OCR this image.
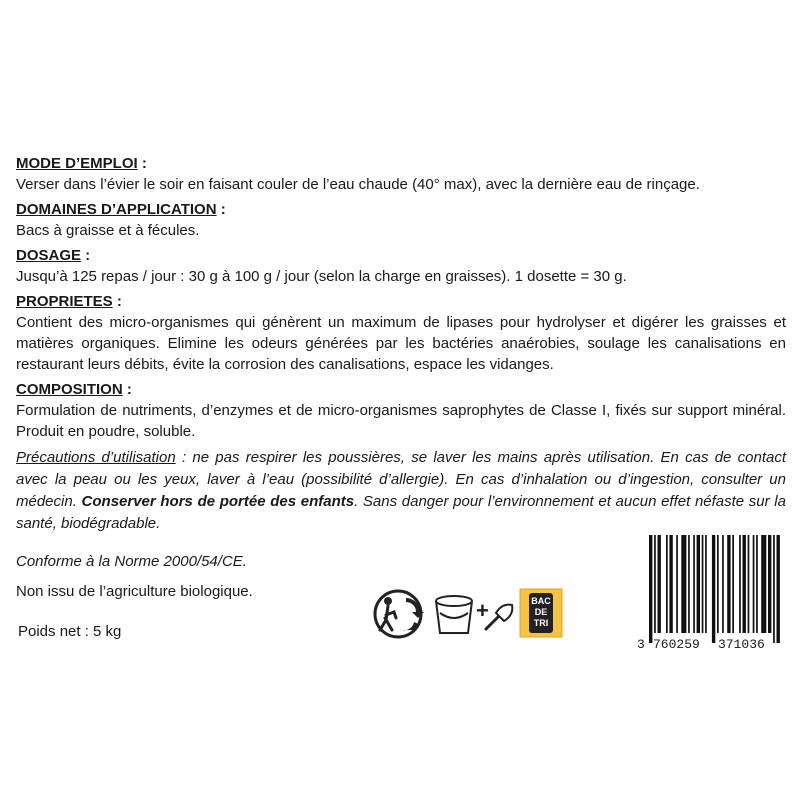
MODE D’EMPLOI :

Verser dans l’évier le soir en faisant couler de l’eau chaude (40° max), avec la dernière eau de rinçage.

DOMAINES D’APPLICATION :

Bacs à graisse et à fécules.

DOSAGE :

Jusqu’à 125 repas / jour : 30 g à 100 g / jour (selon la charge en graisses). 1 dosette = 30 g.

PROPRIETES :

Contient des micro-organismes qui génèrent un maximum de lipases pour hydrolyser et digérer les graisses et matières organiques. Elimine les odeurs générées par les bactéries anaérobies, soulage les canalisations en restaurant leurs débits, évite la corrosion des canalisations, espace les vidanges.

COMPOSITION :

Formulation de nutriments, d’enzymes et de micro-organismes saprophytes de Classe I, fixés sur support minéral. Produit en poudre, soluble.

Précautions d’utilisation : ne pas respirer les poussières, se laver les mains après utilisation. En cas de contact avec la peau ou les yeux, laver à l’eau (possibilité d’allergie). En cas d’inhalation ou d’ingestion, consulter un médecin. Conserver hors de portée des enfants. Sans danger pour l’environnement et aucun effet néfaste sur la santé, biodégradable.

Conforme à la Norme 2000/54/CE.
Non issu de l’agriculture biologique.
Poids net : 5 kg
+	BAC
DE
TRI
3 760259 371036
